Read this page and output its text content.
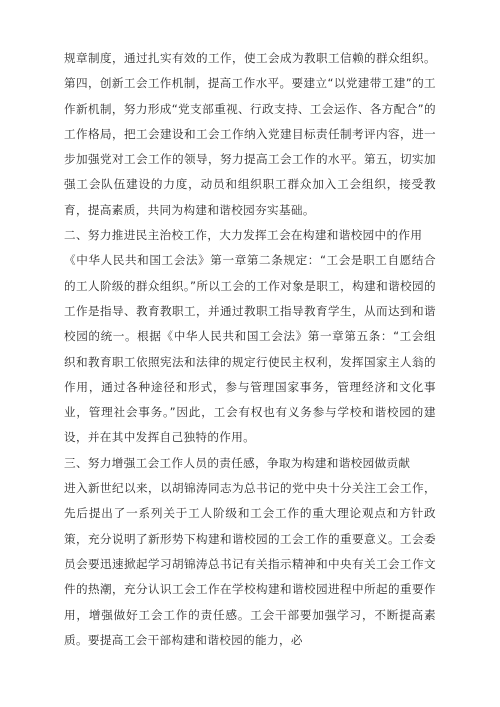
规章制度，通过扎实有效的工作，使工会成为教职工信赖的群众组织。第四，创新工会工作机制，提高工作水平。要建立“以党建带工建”的工作新机制，努力形成“党支部重视、行政支持、工会运作、各方配合”的工作格局，把工会建设和工会工作纳入党建目标责任制考评内容，进一步加强党对工会工作的领导，努力提高工会工作的水平。第五，切实加强工会队伍建设的力度，动员和组织职工群众加入工会组织，接受教育，提高素质，共同为构建和谐校园夯实基础。

二、努力推进民主治校工作，大力发挥工会在构建和谐校园中的作用

《中华人民共和国工会法》第一章第二条规定：“工会是职工自愿结合的工人阶级的群众组织。”所以工会的工作对象是职工，构建和谐校园的工作是指导、教育教职工，并通过教职工指导教育学生，从而达到和谐校园的统一。根据《中华人民共和国工会法》第一章第五条：“工会组织和教育职工依照宪法和法律的规定行使民主权利，发挥国家主人翁的作用，通过各种途径和形式，参与管理国家事务，管理经济和文化事业，管理社会事务。”因此，工会有权也有义务参与学校和谐校园的建设，并在其中发挥自己独特的作用。

三、努力增强工会工作人员的责任感，争取为构建和谐校园做贡献

进入新世纪以来，以胡锦涛同志为总书记的党中央十分关注工会工作，先后提出了一系列关于工人阶级和工会工作的重大理论观点和方针政策，充分说明了新形势下构建和谐校园的工会工作的重要意义。工会委员会要迅速掀起学习胡锦涛总书记有关指示精神和中央有关工会工作文件的热潮，充分认识工会工作在学校构建和谐校园进程中所起的重要作用，增强做好工会工作的责任感。工会干部要加强学习，不断提高素质。要提高工会干部构建和谐校园的能力，必
